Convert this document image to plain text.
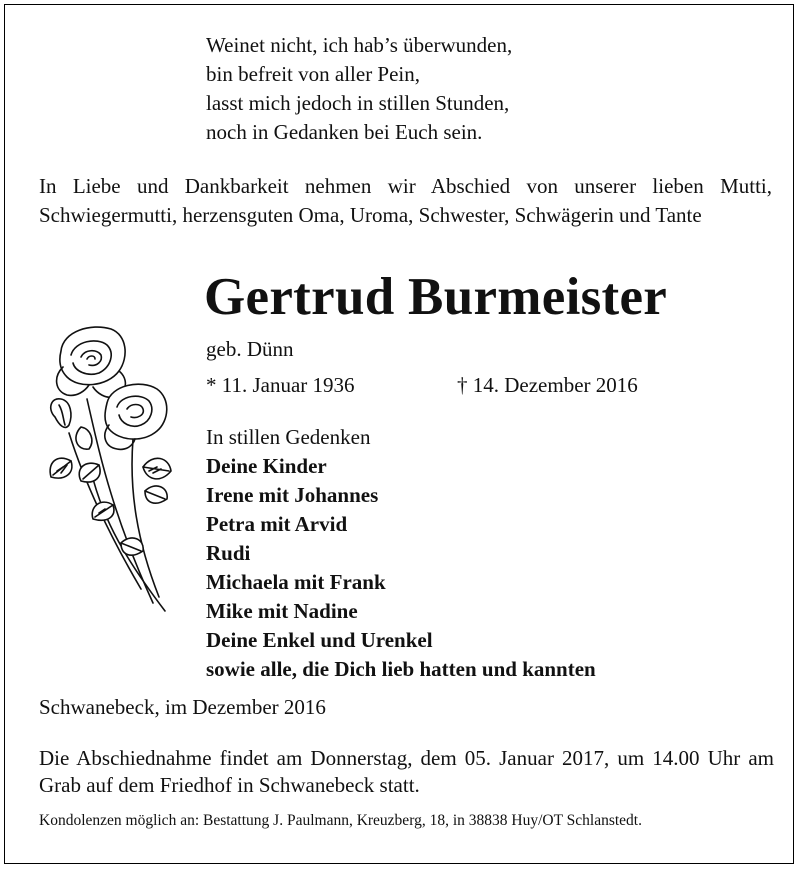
Weinet nicht, ich hab’s überwunden,
bin befreit von aller Pein,
lasst mich jedoch in stillen Stunden,
noch in Gedanken bei Euch sein.
In Liebe und Dankbarkeit nehmen wir Abschied von unserer lieben Mutti, Schwiegermutti, herzensguten Oma, Uroma, Schwester, Schwägerin und Tante
Gertrud Burmeister
geb. Dünn
* 11. Januar 1936	† 14. Dezember 2016
In stillen Gedenken
Deine Kinder
Irene mit Johannes
Petra mit Arvid
Rudi
Michaela mit Frank
Mike mit Nadine
Deine Enkel und Urenkel
sowie alle, die Dich lieb hatten und kannten
Schwanebeck, im Dezember 2016
Die Abschiednahme findet am Donnerstag, dem 05. Januar 2017, um 14.00 Uhr am Grab auf dem Friedhof in Schwanebeck statt.
Kondolenzen möglich an: Bestattung J. Paulmann, Kreuzberg, 18, in 38838 Huy/OT Schlanstedt.
